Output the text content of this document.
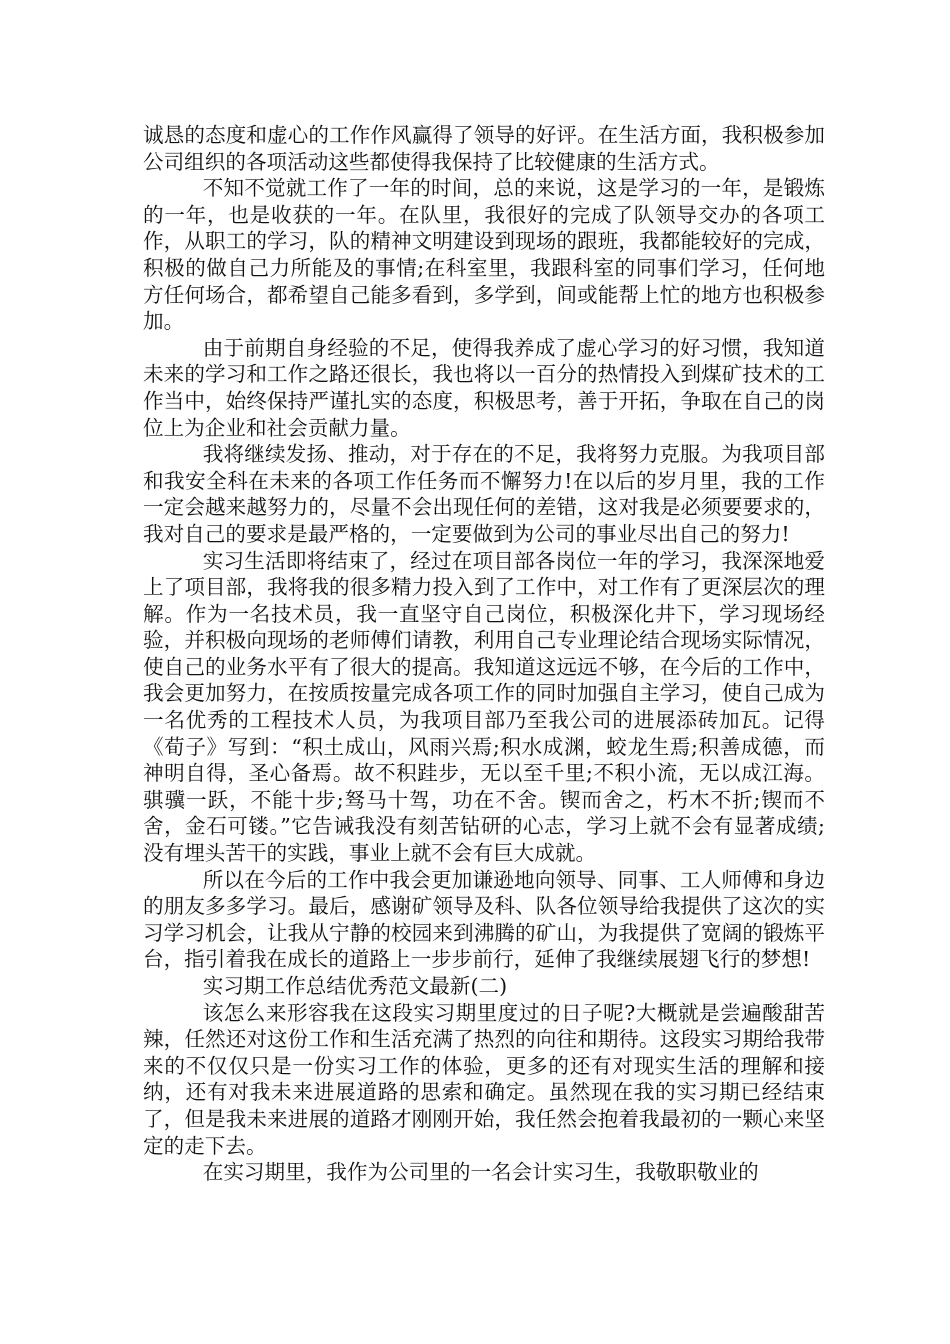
诚恳的态度和虚心的工作作风赢得了领导的好评。在生活方面，我积极参加公司组织的各项活动这些都使得我保持了比较健康的生活方式。

不知不觉就工作了一年的时间，总的来说，这是学习的一年，是锻炼的一年，也是收获的一年。在队里，我很好的完成了队领导交办的各项工作，从职工的学习，队的精神文明建设到现场的跟班，我都能较好的完成，积极的做自己力所能及的事情;在科室里，我跟科室的同事们学习，任何地方任何场合，都希望自己能多看到，多学到，间或能帮上忙的地方也积极参加。

由于前期自身经验的不足，使得我养成了虚心学习的好习惯，我知道未来的学习和工作之路还很长，我也将以一百分的热情投入到煤矿技术的工作当中，始终保持严谨扎实的态度，积极思考，善于开拓，争取在自己的岗位上为企业和社会贡献力量。

我将继续发扬、推动，对于存在的不足，我将努力克服。为我项目部和我安全科在未来的各项工作任务而不懈努力!在以后的岁月里，我的工作一定会越来越努力的，尽量不会出现任何的差错，这对我是必须要要求的，我对自己的要求是最严格的，一定要做到为公司的事业尽出自己的努力!

实习生活即将结束了，经过在项目部各岗位一年的学习，我深深地爱上了项目部，我将我的很多精力投入到了工作中，对工作有了更深层次的理解。作为一名技术员，我一直坚守自己岗位，积极深化井下，学习现场经验，并积极向现场的老师傅们请教，利用自己专业理论结合现场实际情况，使自己的业务水平有了很大的提高。我知道这远远不够，在今后的工作中，我会更加努力，在按质按量完成各项工作的同时加强自主学习，使自己成为一名优秀的工程技术人员，为我项目部乃至我公司的进展添砖加瓦。记得《荀子》写到：“积土成山，风雨兴焉;积水成渊，蛟龙生焉;积善成德，而神明自得，圣心备焉。故不积跬步，无以至千里;不积小流，无以成江海。骐骥一跃，不能十步;驽马十驾，功在不舍。锲而舍之，朽木不折;锲而不舍，金石可镂。”它告诫我没有刻苦钻研的心志，学习上就不会有显著成绩;没有埋头苦干的实践，事业上就不会有巨大成就。

所以在今后的工作中我会更加谦逊地向领导、同事、工人师傅和身边的朋友多多学习。最后，感谢矿领导及科、队各位领导给我提供了这次的实习学习机会，让我从宁静的校园来到沸腾的矿山，为我提供了宽阔的锻炼平台，指引着我在成长的道路上一步步前行，延伸了我继续展翅飞行的梦想!

实习期工作总结优秀范文最新(二)

该怎么来形容我在这段实习期里度过的日子呢?大概就是尝遍酸甜苦辣，任然还对这份工作和生活充满了热烈的向往和期待。这段实习期给我带来的不仅仅只是一份实习工作的体验，更多的还有对现实生活的理解和接纳，还有对我未来进展道路的思索和确定。虽然现在我的实习期已经结束了，但是我未来进展的道路才刚刚开始，我任然会抱着我最初的一颗心来坚定的走下去。

在实习期里，我作为公司里的一名会计实习生，我敬职敬业的
